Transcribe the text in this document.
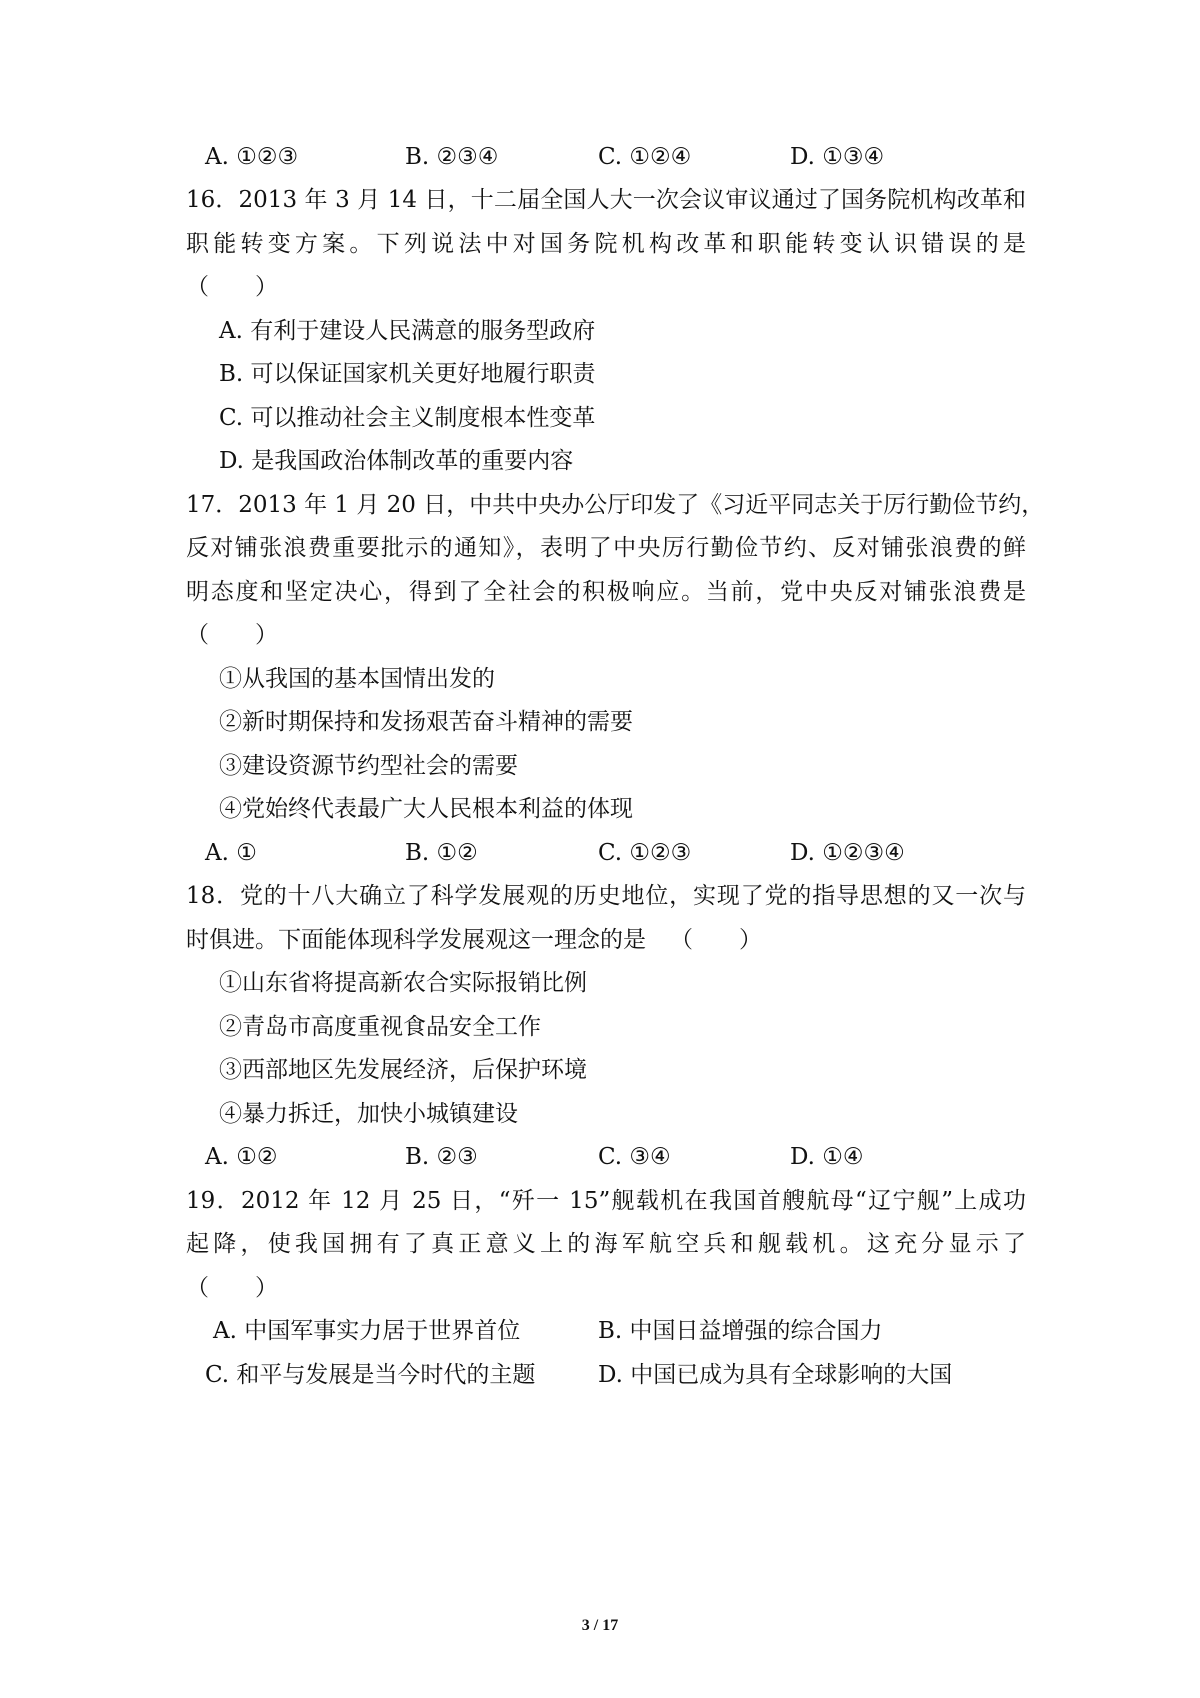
A. ①②③	B. ②③④	C. ①②④	D. ①③④
16．2013 年 3 月 14 日，十二届全国人大一次会议审议通过了国务院机构改革和
职能转变方案。下列说法中对国务院机构改革和职能转变认识错误的是
（　　）
A. 有利于建设人民满意的服务型政府
B. 可以保证国家机关更好地履行职责
C. 可以推动社会主义制度根本性变革
D. 是我国政治体制改革的重要内容
17．2013 年 1 月 20 日，中共中央办公厅印发了《习近平同志关于厉行勤俭节约，
反对铺张浪费重要批示的通知》，表明了中央厉行勤俭节约、反对铺张浪费的鲜
明态度和坚定决心，得到了全社会的积极响应。当前，党中央反对铺张浪费是
（　　）
①从我国的基本国情出发的
②新时期保持和发扬艰苦奋斗精神的需要
③建设资源节约型社会的需要
④党始终代表最广大人民根本利益的体现
A. ①	B. ①②	C. ①②③	D. ①②③④
18．党的十八大确立了科学发展观的历史地位，实现了党的指导思想的又一次与
时俱进。下面能体现科学发展观这一理念的是 （　　）
①山东省将提高新农合实际报销比例
②青岛市高度重视食品安全工作
③西部地区先发展经济，后保护环境
④暴力拆迁，加快小城镇建设
A. ①②	B. ②③	C. ③④	D. ①④
19．2012 年 12 月 25 日，“歼一 15”舰载机在我国首艘航母“辽宁舰”上成功
起降，使我国拥有了真正意义上的海军航空兵和舰载机。这充分显示了
（　　）
A. 中国军事实力居于世界首位	B. 中国日益增强的综合国力
C. 和平与发展是当今时代的主题	D. 中国已成为具有全球影响的大国
3 / 17
